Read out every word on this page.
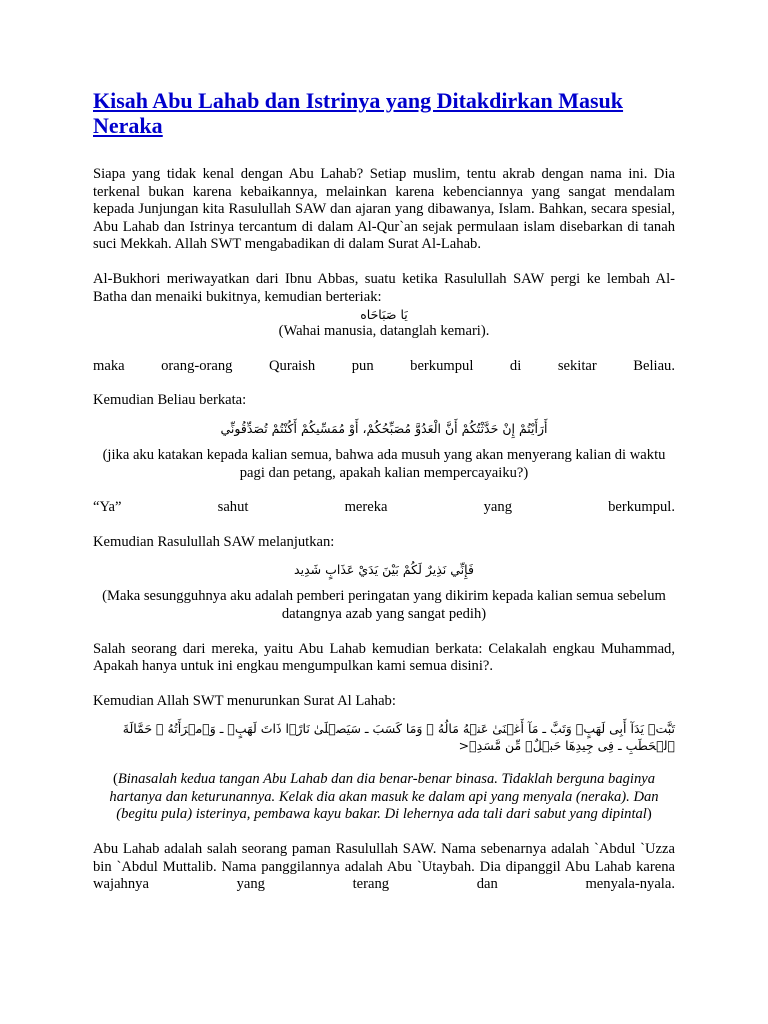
Kisah Abu Lahab dan Istrinya yang Ditakdirkan Masuk Neraka

Siapa yang tidak kenal dengan Abu Lahab? Setiap muslim, tentu akrab dengan nama ini. Dia terkenal bukan karena kebaikannya, melainkan karena kebenciannya yang sangat mendalam kepada Junjungan kita Rasulullah SAW dan ajaran yang dibawanya, Islam. Bahkan, secara spesial, Abu Lahab dan Istrinya tercantum di dalam Al-Qur`an sejak permulaan islam disebarkan di tanah suci Mekkah. Allah SWT mengabadikan di dalam Surat Al-Lahab.

Al-Bukhori meriwayatkan dari Ibnu Abbas, suatu ketika Rasulullah SAW pergi ke lembah Al-Batha dan menaiki bukitnya, kemudian berteriak:

يَا صَبَاحَاه

(Wahai manusia, datanglah kemari).

maka orang-orang Quraish pun berkumpul di sekitar Beliau.

Kemudian Beliau berkata:

أَرَأَيْتُمْ إِنْ حَدَّثْتُكُمْ أَنَّ الْعَدُوَّ مُصَبِّحُكُمْ، أَوْ مُمَسِّيكُمْ أَكُنْتُمْ تُصَدِّقُونِّي

(jika aku katakan kepada kalian semua, bahwa ada musuh yang akan menyerang kalian di waktu pagi dan petang, apakah kalian mempercayaiku?)

“Ya” sahut mereka yang berkumpul.

Kemudian Rasulullah SAW melanjutkan:

فَإِنِّي نَذِيرٌ لَكُمْ بَيْنَ يَدَيْ عَذَابٍ شَدِيد

(Maka sesungguhnya aku adalah pemberi peringatan yang dikirim kepada kalian semua sebelum datangnya azab yang sangat pedih)

Salah seorang dari mereka, yaitu Abu Lahab kemudian berkata: Celakalah engkau Muhammad, Apakah hanya untuk ini engkau mengumpulkan kami semua disini?.

Kemudian Allah SWT menurunkan Surat Al Lahab:

تَبَّتۡ يَدَآ أَبِى لَهَبٍ۬ وَتَبَّ ‌ـ مَآ أَغۡنَىٰ عَنۡهُ مَالُهُ ۥ وَمَا كَسَبَ ‌ـ سَيَصۡلَىٰ نَارً۬ا ذَاتَ لَهَبٍ۬ ‌ـ وَٱمۡرَأَتُهُ ۥ حَمَّالَةَ ٱلۡحَطَبِ ‌ـ فِى جِيدِهَا حَبۡلٌ۬ مِّن مَّسَدِۭ<

(Binasalah kedua tangan Abu Lahab dan dia benar-benar binasa. Tidaklah berguna baginya hartanya dan keturunannya. Kelak dia akan masuk ke dalam api yang menyala (neraka). Dan (begitu pula) isterinya, pembawa kayu bakar. Di lehernya ada tali dari sabut yang dipintal)

Abu Lahab adalah salah seorang paman Rasulullah SAW. Nama sebenarnya adalah `Abdul `Uzza bin `Abdul Muttalib. Nama panggilannya adalah Abu `Utaybah. Dia dipanggil Abu Lahab karena wajahnya yang terang dan menyala-nyala.
